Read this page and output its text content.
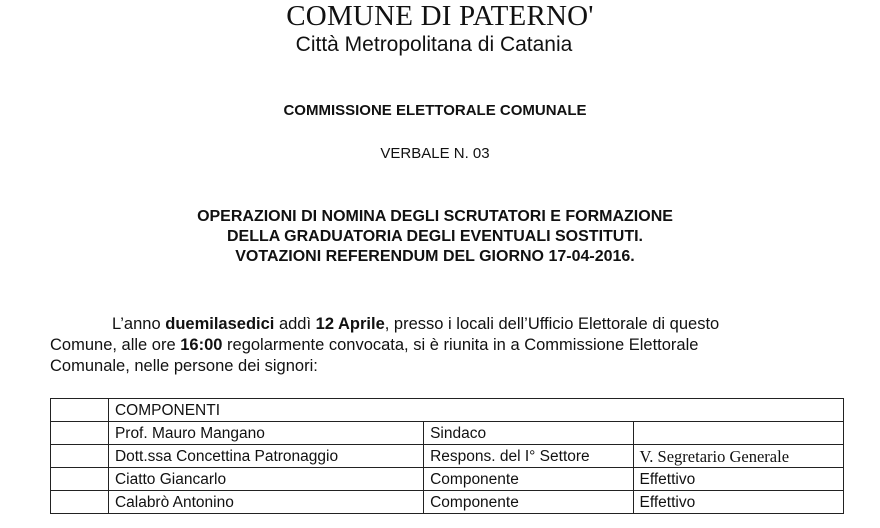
COMUNE DI PATERNO'
Città Metropolitana di Catania
COMMISSIONE ELETTORALE COMUNALE
VERBALE N. 03
OPERAZIONI DI NOMINA DEGLI SCRUTATORI E FORMAZIONE
DELLA GRADUATORIA DEGLI EVENTUALI SOSTITUTI.
VOTAZIONI REFERENDUM DEL GIORNO 17-04-2016.
L’anno duemilasedici addì 12 Aprile, presso i locali dell’Ufficio Elettorale di questo
Comune, alle ore 16:00 regolarmente convocata, si è riunita in a Commissione Elettorale
Comunale, nelle persone dei signori:
	COMPONENTI		
	Prof. Mauro Mangano	Sindaco	
	Dott.ssa Concettina Patronaggio	Respons. del I° Settore	V. Segretario Generale
	Ciatto Giancarlo	Componente	Effettivo
	Calabrò Antonino	Componente	Effettivo
